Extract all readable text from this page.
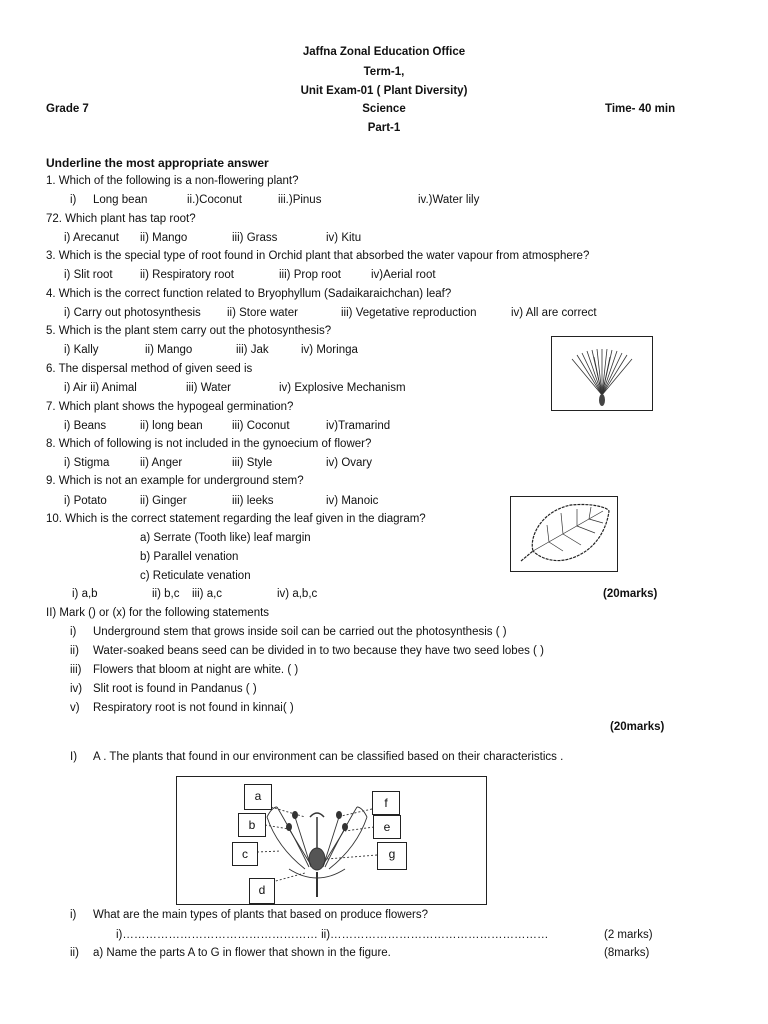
Jaffna Zonal Education Office
Term-1,
Unit Exam-01 ( Plant Diversity)
Grade 7	Science	Time- 40 min
Part-1
Underline the most appropriate answer
1. Which of the following is a non-flowering plant?
i) Long bean	ii.)Coconut	iii.)Pinus	iv.)Water lily
72. Which plant has tap root?
i) Arecanut ii) Mango	iii) Grass	iv) Kitu
3. Which is the special type of root found in Orchid plant that absorbed the water vapour from atmosphere?
i) Slit root ii) Respiratory root	iii) Prop root	iv)Aerial root
4. Which is the correct function related to Bryophyllum (Sadaikaraichchan) leaf?
i) Carry out photosynthesis ii) Store water	iii) Vegetative reproduction	iv) All are correct
5. Which is the plant stem carry out the photosynthesis?
i) Kally	ii) Mango	iii) Jak	iv) Moringa
6. The dispersal method of given seed is
i) Air ii) Animal	iii) Water	iv) Explosive Mechanism
7. Which plant shows the hypogeal germination?
i) Beans	ii) long bean	iii) Coconut	iv)Tramarind
8. Which of following is not included in the gynoecium of flower?
i) Stigma	ii) Anger	iii) Style	iv) Ovary
9. Which is not an example for underground stem?
i) Potato	ii) Ginger	iii) leeks	iv) Manoic
10. Which is the correct statement regarding the leaf given in the diagram?
a) Serrate (Tooth like) leaf margin
b) Parallel venation
c) Reticulate venation
i) a,b	ii) b,c iii) a,c	iv) a,b,c	(20marks)
II) Mark () or (x) for the following statements
i) Underground stem that grows inside soil can be carried out the photosynthesis ( )
ii) Water-soaked beans seed can be divided in to two because they have two seed lobes ( )
iii) Flowers that bloom at night are white. ( )
iv) Slit root is found in Pandanus ( )
v) Respiratory root is not found in kinnai( )
(20marks)
I) A . The plants that found in our environment can be classified based on their characteristics .
a
b
c
d
e
f
g
i) What are the main types of plants that based on produce flowers?
i)…………………………………………… ii)…………………………………………………	(2 marks)
ii) a) Name the parts A to G in flower that shown in the figure.	(8marks)
